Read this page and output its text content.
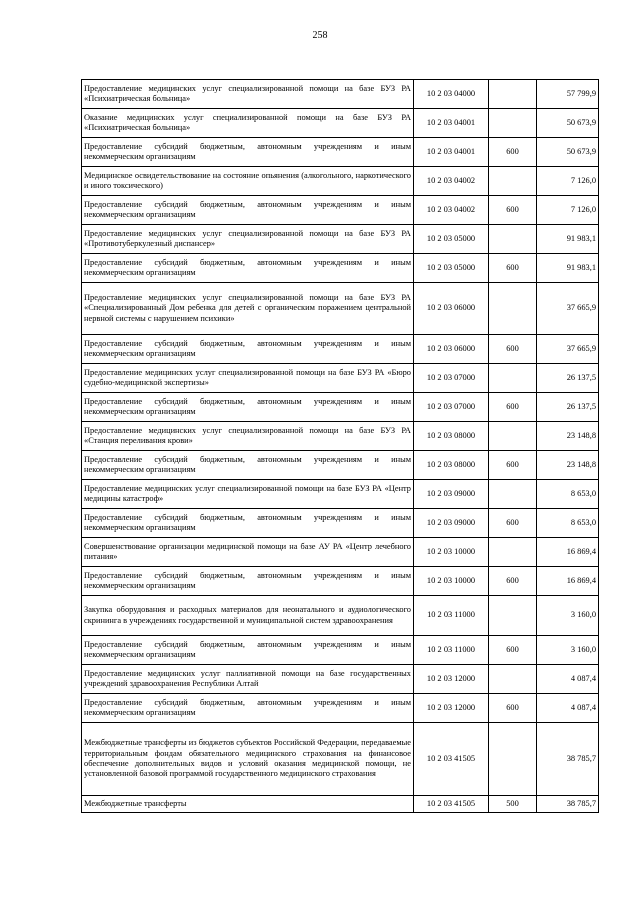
258
Предоставление медицинских услуг специализированной помощи на базе БУЗ РА «Психиатрическая больница»	10 2 03 04000		57 799,9
Оказание медицинских услуг специализированной помощи на базе БУЗ РА «Психиатрическая больница»	10 2 03 04001		50 673,9
Предоставление субсидий бюджетным, автономным учреждениям и иным некоммерческим организациям	10 2 03 04001	600	50 673,9
Медицинское освидетельствование на состояние опьянения (алкогольного, наркотического и иного токсического)	10 2 03 04002		7 126,0
Предоставление субсидий бюджетным, автономным учреждениям и иным некоммерческим организациям	10 2 03 04002	600	7 126,0
Предоставление медицинских услуг специализированной помощи на базе БУЗ РА «Противотуберкулезный диспансер»	10 2 03 05000		91 983,1
Предоставление субсидий бюджетным, автономным учреждениям и иным некоммерческим организациям	10 2 03 05000	600	91 983,1
Предоставление медицинских услуг специализированной помощи на базе БУЗ РА «Специализированный Дом ребенка для детей с органическим поражением центральной нервной системы с нарушением психики»	10 2 03 06000		37 665,9
Предоставление субсидий бюджетным, автономным учреждениям и иным некоммерческим организациям	10 2 03 06000	600	37 665,9
Предоставление медицинских услуг специализированной помощи на базе БУЗ РА «Бюро судебно-медицинской экспертизы»	10 2 03 07000		26 137,5
Предоставление субсидий бюджетным, автономным учреждениям и иным некоммерческим организациям	10 2 03 07000	600	26 137,5
Предоставление медицинских услуг специализированной помощи на базе БУЗ РА «Станция переливания крови»	10 2 03 08000		23 148,8
Предоставление субсидий бюджетным, автономным учреждениям и иным некоммерческим организациям	10 2 03 08000	600	23 148,8
Предоставление медицинских услуг специализированной помощи на базе БУЗ РА «Центр медицины катастроф»	10 2 03 09000		8 653,0
Предоставление субсидий бюджетным, автономным учреждениям и иным некоммерческим организациям	10 2 03 09000	600	8 653,0
Совершенствование организации медицинской помощи на базе АУ РА «Центр лечебного питания»	10 2 03 10000		16 869,4
Предоставление субсидий бюджетным, автономным учреждениям и иным некоммерческим организациям	10 2 03 10000	600	16 869,4
Закупка оборудования и расходных материалов для неонатального и аудиологического скрининга в учреждениях государственной и муниципальной систем здравоохранения	10 2 03 11000		3 160,0
Предоставление субсидий бюджетным, автономным учреждениям и иным некоммерческим организациям	10 2 03 11000	600	3 160,0
Предоставление медицинских услуг паллиативной помощи на базе государственных учреждений здравоохранения Республики Алтай	10 2 03 12000		4 087,4
Предоставление субсидий бюджетным, автономным учреждениям и иным некоммерческим организациям	10 2 03 12000	600	4 087,4
Межбюджетные трансферты из бюджетов субъектов Российской Федерации, передаваемые территориальным фондам обязательного медицинского страхования на финансовое обеспечение дополнительных видов и условий оказания медицинской помощи, не установленной базовой программой государственного медицинского страхования	10 2 03 41505		38 785,7
Межбюджетные трансферты	10 2 03 41505	500	38 785,7
